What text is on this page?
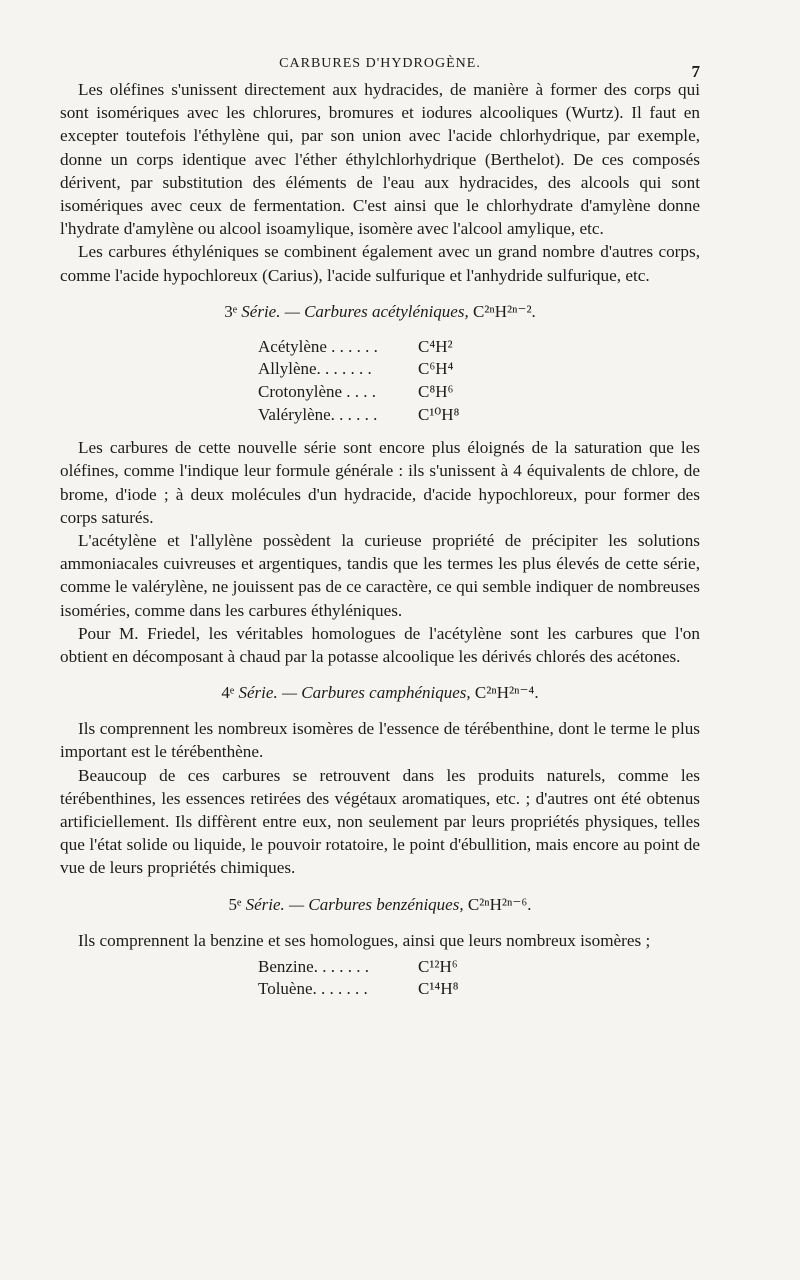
CARBURES D'HYDROGÈNE.	7

Les oléfines s'unissent directement aux hydracides, de manière à former des corps qui sont isomériques avec les chlorures, bromures et iodures alcooliques (Wurtz). Il faut en excepter toutefois l'éthylène qui, par son union avec l'acide chlorhydrique, par exemple, donne un corps identique avec l'éther éthylchlorhydrique (Berthelot). De ces composés dérivent, par substitution des éléments de l'eau aux hydracides, des alcools qui sont isomériques avec ceux de fermentation. C'est ainsi que le chlorhydrate d'amylène donne l'hydrate d'amylène ou alcool isoamylique, isomère avec l'alcool amylique, etc.

Les carbures éthyléniques se combinent également avec un grand nombre d'autres corps, comme l'acide hypochloreux (Carius), l'acide sulfurique et l'anhydride sulfurique, etc.

3ᵉ Série. — Carbures acétyléniques, C²ⁿH²ⁿ⁻².
Acétylène . . . . . .	C⁴H²
Allylène. . . . . . .	C⁶H⁴
Crotonylène . . . .	C⁸H⁶
Valérylène. . . . . .	C¹⁰H⁸

Les carbures de cette nouvelle série sont encore plus éloignés de la saturation que les oléfines, comme l'indique leur formule générale : ils s'unissent à 4 équivalents de chlore, de brome, d'iode ; à deux molécules d'un hydracide, d'acide hypochloreux, pour former des corps saturés.

L'acétylène et l'allylène possèdent la curieuse propriété de précipiter les solutions ammoniacales cuivreuses et argentiques, tandis que les termes les plus élevés de cette série, comme le valérylène, ne jouissent pas de ce caractère, ce qui semble indiquer de nombreuses isoméries, comme dans les carbures éthyléniques.

Pour M. Friedel, les véritables homologues de l'acétylène sont les carbures que l'on obtient en décomposant à chaud par la potasse alcoolique les dérivés chlorés des acétones.

4ᵉ Série. — Carbures camphéniques, C²ⁿH²ⁿ⁻⁴.

Ils comprennent les nombreux isomères de l'essence de térébenthine, dont le terme le plus important est le térébenthène.

Beaucoup de ces carbures se retrouvent dans les produits naturels, comme les térébenthines, les essences retirées des végétaux aromatiques, etc. ; d'autres ont été obtenus artificiellement. Ils diffèrent entre eux, non seulement par leurs propriétés physiques, telles que l'état solide ou liquide, le pouvoir rotatoire, le point d'ébullition, mais encore au point de vue de leurs propriétés chimiques.

5ᵉ Série. — Carbures benzéniques, C²ⁿH²ⁿ⁻⁶.

Ils comprennent la benzine et ses homologues, ainsi que leurs nombreux isomères ;

Benzine. . . . . . .	C¹²H⁶
Toluène. . . . . . .	C¹⁴H⁸
